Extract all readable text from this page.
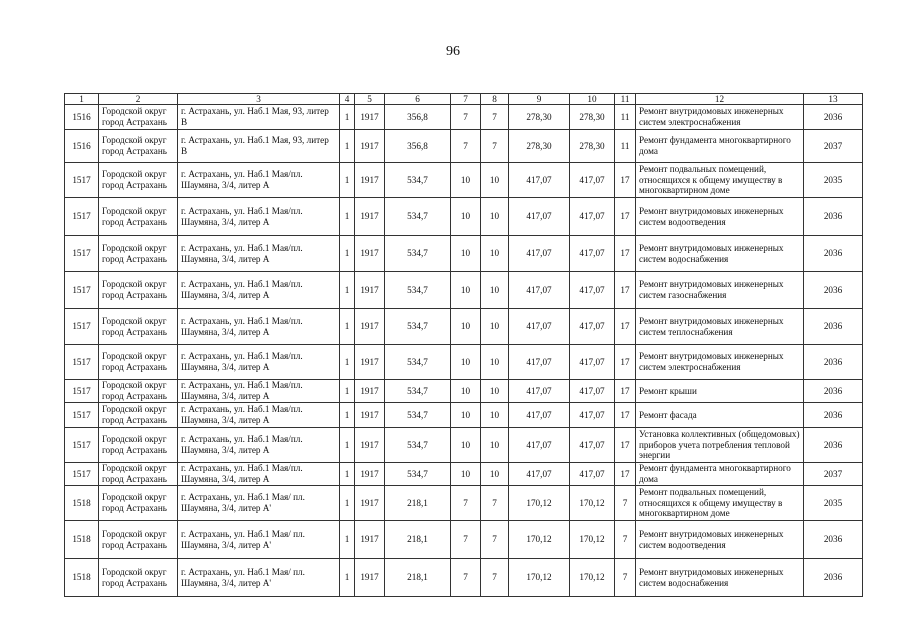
96
1	2	3	4	5	6	7	8	9	10	11	12	13
1516	Городской округ город Астрахань	г. Астрахань, ул. Наб.1 Мая, 93, литер В	1	1917	356,8	7	7	278,30	278,30	11	Ремонт внутридомовых инженерных систем электроснабжения	2036
1516	Городской округ город Астрахань	г. Астрахань, ул. Наб.1 Мая, 93, литер В	1	1917	356,8	7	7	278,30	278,30	11	Ремонт фундамента многоквартирного дома	2037
1517	Городской округ город Астрахань	г. Астрахань, ул. Наб.1 Мая/пл. Шаумяна, 3/4, литер А	1	1917	534,7	10	10	417,07	417,07	17	Ремонт подвальных помещений, относящихся к общему имуществу в многоквартирном доме	2035
1517	Городской округ город Астрахань	г. Астрахань, ул. Наб.1 Мая/пл. Шаумяна, 3/4, литер А	1	1917	534,7	10	10	417,07	417,07	17	Ремонт внутридомовых инженерных систем водоотведения	2036
1517	Городской округ город Астрахань	г. Астрахань, ул. Наб.1 Мая/пл. Шаумяна, 3/4, литер А	1	1917	534,7	10	10	417,07	417,07	17	Ремонт внутридомовых инженерных систем водоснабжения	2036
1517	Городской округ город Астрахань	г. Астрахань, ул. Наб.1 Мая/пл. Шаумяна, 3/4, литер А	1	1917	534,7	10	10	417,07	417,07	17	Ремонт внутридомовых инженерных систем газоснабжения	2036
1517	Городской округ город Астрахань	г. Астрахань, ул. Наб.1 Мая/пл. Шаумяна, 3/4, литер А	1	1917	534,7	10	10	417,07	417,07	17	Ремонт внутридомовых инженерных систем теплоснабжения	2036
1517	Городской округ город Астрахань	г. Астрахань, ул. Наб.1 Мая/пл. Шаумяна, 3/4, литер А	1	1917	534,7	10	10	417,07	417,07	17	Ремонт внутридомовых инженерных систем электроснабжения	2036
1517	Городской округ город Астрахань	г. Астрахань, ул. Наб.1 Мая/пл. Шаумяна, 3/4, литер А	1	1917	534,7	10	10	417,07	417,07	17	Ремонт крыши	2036
1517	Городской округ город Астрахань	г. Астрахань, ул. Наб.1 Мая/пл. Шаумяна, 3/4, литер А	1	1917	534,7	10	10	417,07	417,07	17	Ремонт фасада	2036
1517	Городской округ город Астрахань	г. Астрахань, ул. Наб.1 Мая/пл. Шаумяна, 3/4, литер А	1	1917	534,7	10	10	417,07	417,07	17	Установка коллективных (общедомовых) приборов учета потребления тепловой энергии	2036
1517	Городской округ город Астрахань	г. Астрахань, ул. Наб.1 Мая/пл. Шаумяна, 3/4, литер А	1	1917	534,7	10	10	417,07	417,07	17	Ремонт фундамента многоквартирного дома	2037
1518	Городской округ город Астрахань	г. Астрахань, ул. Наб.1 Мая/ пл. Шаумяна, 3/4, литер А'	1	1917	218,1	7	7	170,12	170,12	7	Ремонт подвальных помещений, относящихся к общему имуществу в многоквартирном доме	2035
1518	Городской округ город Астрахань	г. Астрахань, ул. Наб.1 Мая/ пл. Шаумяна, 3/4, литер А'	1	1917	218,1	7	7	170,12	170,12	7	Ремонт внутридомовых инженерных систем водоотведения	2036
1518	Городской округ город Астрахань	г. Астрахань, ул. Наб.1 Мая/ пл. Шаумяна, 3/4, литер А'	1	1917	218,1	7	7	170,12	170,12	7	Ремонт внутридомовых инженерных систем водоснабжения	2036
